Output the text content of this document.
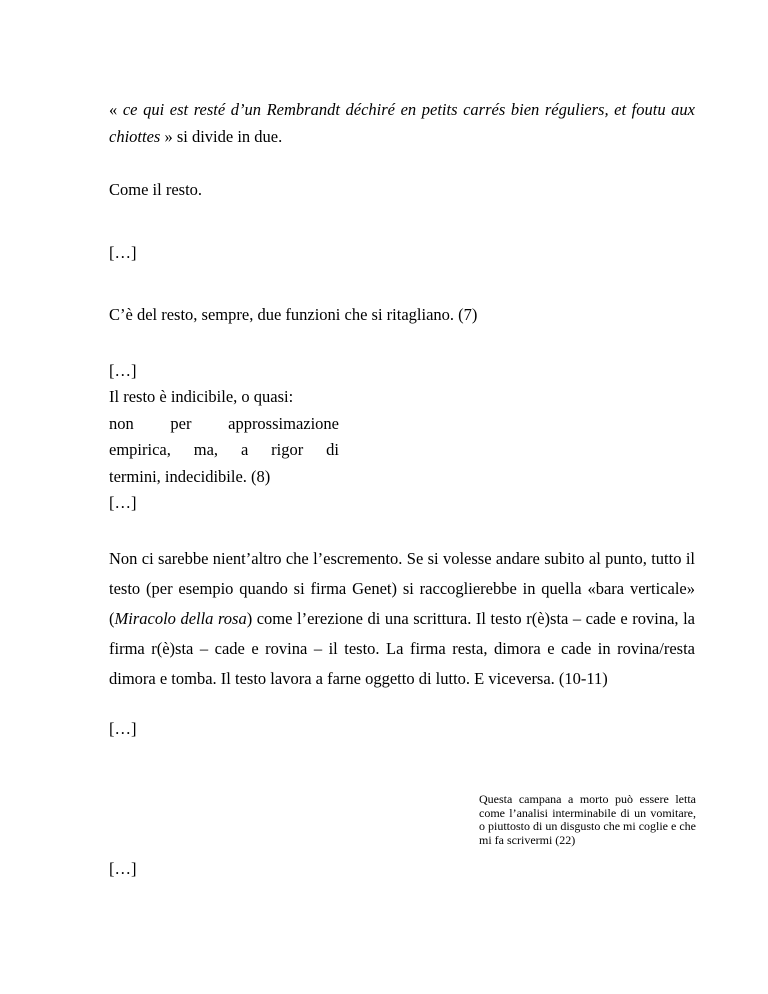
« ce qui est resté d’un Rembrandt déchiré en petits carrés bien réguliers, et foutu aux chiottes » si divide in due.

Come il resto.

[…]

C’è del resto, sempre, due funzioni che si ritagliano. (7)

[…]

Il resto è indicibile, o quasi:
non per approssimazione
empirica, ma, a rigor di
termini, indecidibile. (8)

[…]

Non ci sarebbe nient’altro che l’escremento. Se si volesse andare subito al punto, tutto il testo (per esempio quando si firma Genet) si raccoglierebbe in quella «bara verticale» (Miracolo della rosa) come l’erezione di una scrittura. Il testo r(è)sta – cade e rovina, la firma r(è)sta – cade e rovina – il testo. La firma resta, dimora e cade in rovina/resta dimora e tomba. Il testo lavora a farne oggetto di lutto. E viceversa. (10-11)

[…]

Questa campana a morto può essere letta come l’analisi interminabile di un vomitare, o piuttosto di un disgusto che mi coglie e che mi fa scrivermi (22)

[…]
